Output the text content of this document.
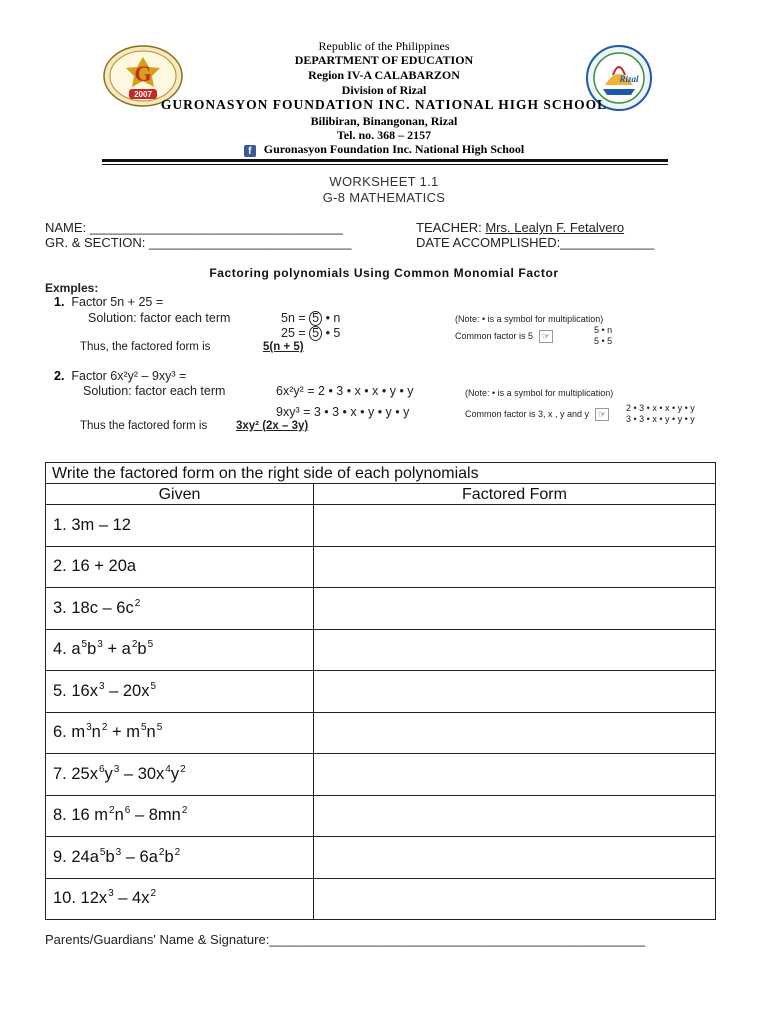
G
2007
Rizal
Republic of the Philippines
DEPARTMENT OF EDUCATION
Region IV-A CALABARZON
Division of Rizal
GURONASYON FOUNDATION INC. NATIONAL HIGH SCHOOL
Bilibiran, Binangonan, Rizal
Tel. no. 368 – 2157
f Guronasyon Foundation Inc. National High School
WORKSHEET 1.1
G-8 MATHEMATICS
NAME: ___________________________________
GR. & SECTION: ____________________________
TEACHER: Mrs. Lealyn F. Fetalvero
DATE ACCOMPLISHED:_____________
Factoring polynomials Using Common Monomial Factor
Exmples:
1. Factor 5n + 25 =
Solution: factor each term	5n = 5 • n
25 = 5 • 5
(Note: • is a symbol for multiplication)
Common factor is 5 ☞
5 • n
5 • 5
Thus, the factored form is	5(n + 5)
2. Factor 6x²y² – 9xy³ =
Solution: factor each term	6x²y² = 2 • 3 • x • x • y • y
9xy³ = 3 • 3 • x • y • y • y
(Note: • is a symbol for multiplication)
Common factor is 3, x , y and y ☞
2 • 3 • x • x • y • y
3 • 3 • x • y • y • y
Thus the factored form is	3xy² (2x – 3y)
Write the factored form on the right side of each polynomials	
Given	Factored Form
1. 3m – 12	
2. 16 + 20a	
3. $18c - 6c^2$	
4. $a^5b^3 + a^2b^5$	
5. $16x^3 - 20x^5$	
6. $m^3n^2 + m^5n^5$	
7. $25x^6y^3 - 30x^4y^2$	
8. 16 $m^2n^6 - 8mn^2$	
9. $24a^5b^3 - 6a^2b^2$	
10. $12x^3 - 4x^2$	
Parents/Guardians' Name & Signature:____________________________________________________
